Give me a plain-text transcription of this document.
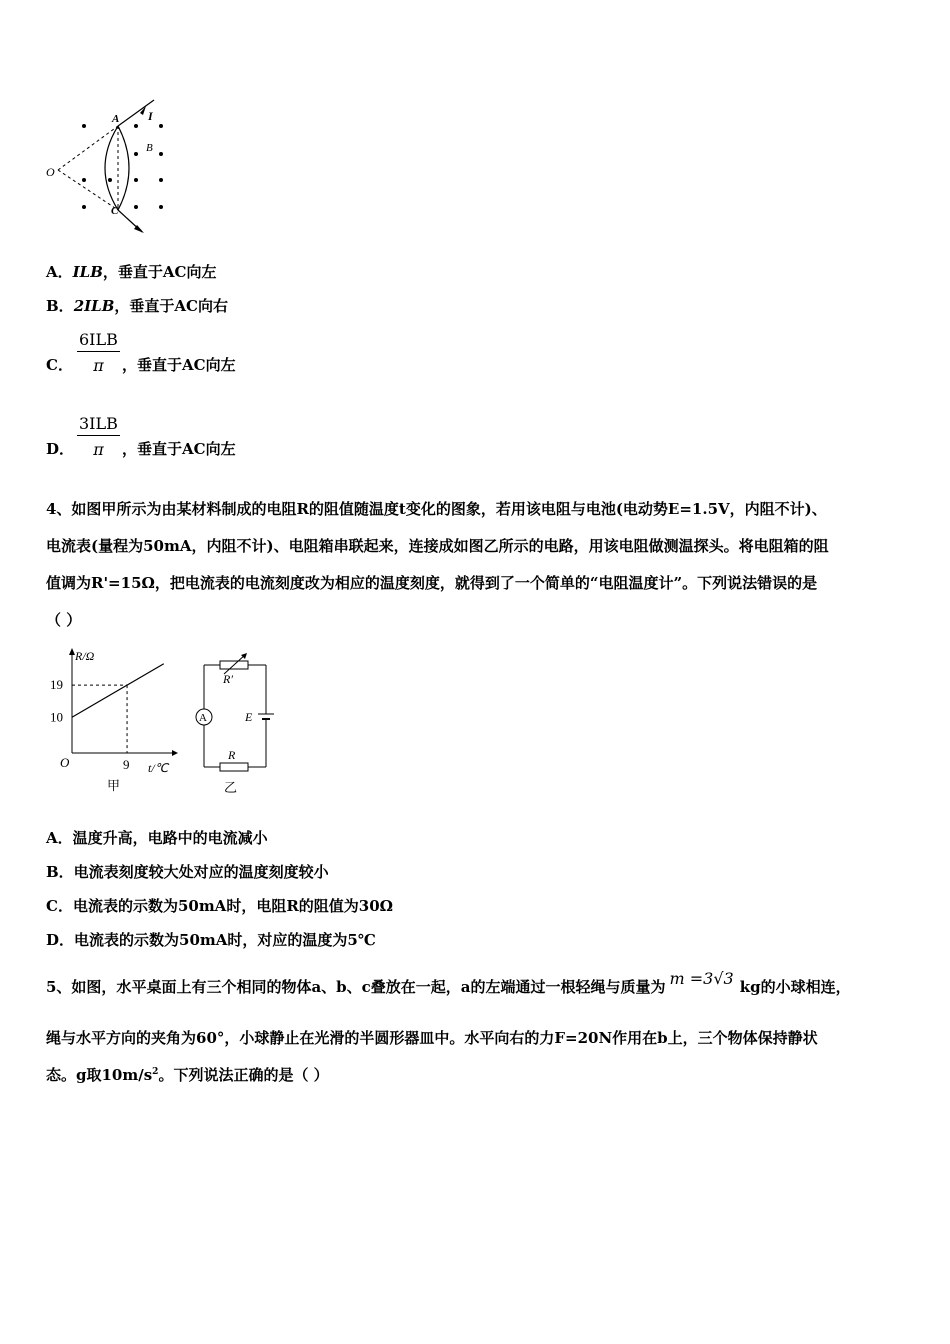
A I
B
O
C
A．ILB，垂直于AC向左
B．2ILB，垂直于AC向右
C．
6ILB
π	，垂直于AC向左
D．
3ILB
π	，垂直于AC向左
4、如图甲所示为由某材料制成的电阻R的阻值随温度t变化的图象，若用该电阻与电池(电动势E=1.5V，内阻不计)、
电流表(量程为50mA，内阻不计)、电阻箱串联起来，连接成如图乙所示的电路，用该电阻做测温探头。将电阻箱的阻
值调为R'=15Ω，把电流表的电流刻度改为相应的温度刻度，就得到了一个简单的“电阻温度计”。下列说法错误的是
（ ）
R/Ω
19
10
O	9 t/℃
甲
R′
A	E
R
乙
A．温度升高，电路中的电流减小
B．电流表刻度较大处对应的温度刻度较小
C．电流表的示数为50mA时，电阻R的阻值为30Ω
D．电流表的示数为50mA时，对应的温度为5℃
5、如图，水平桌面上有三个相同的物体a、b、c叠放在一起，a的左端通过一根轻绳与质量为 m =3√3 kg的小球相连，
绳与水平方向的夹角为60°，小球静止在光滑的半圆形器皿中。水平向右的力F=20N作用在b上，三个物体保持静状
态。g取$10m/s^2$。下列说法正确的是（ ）
